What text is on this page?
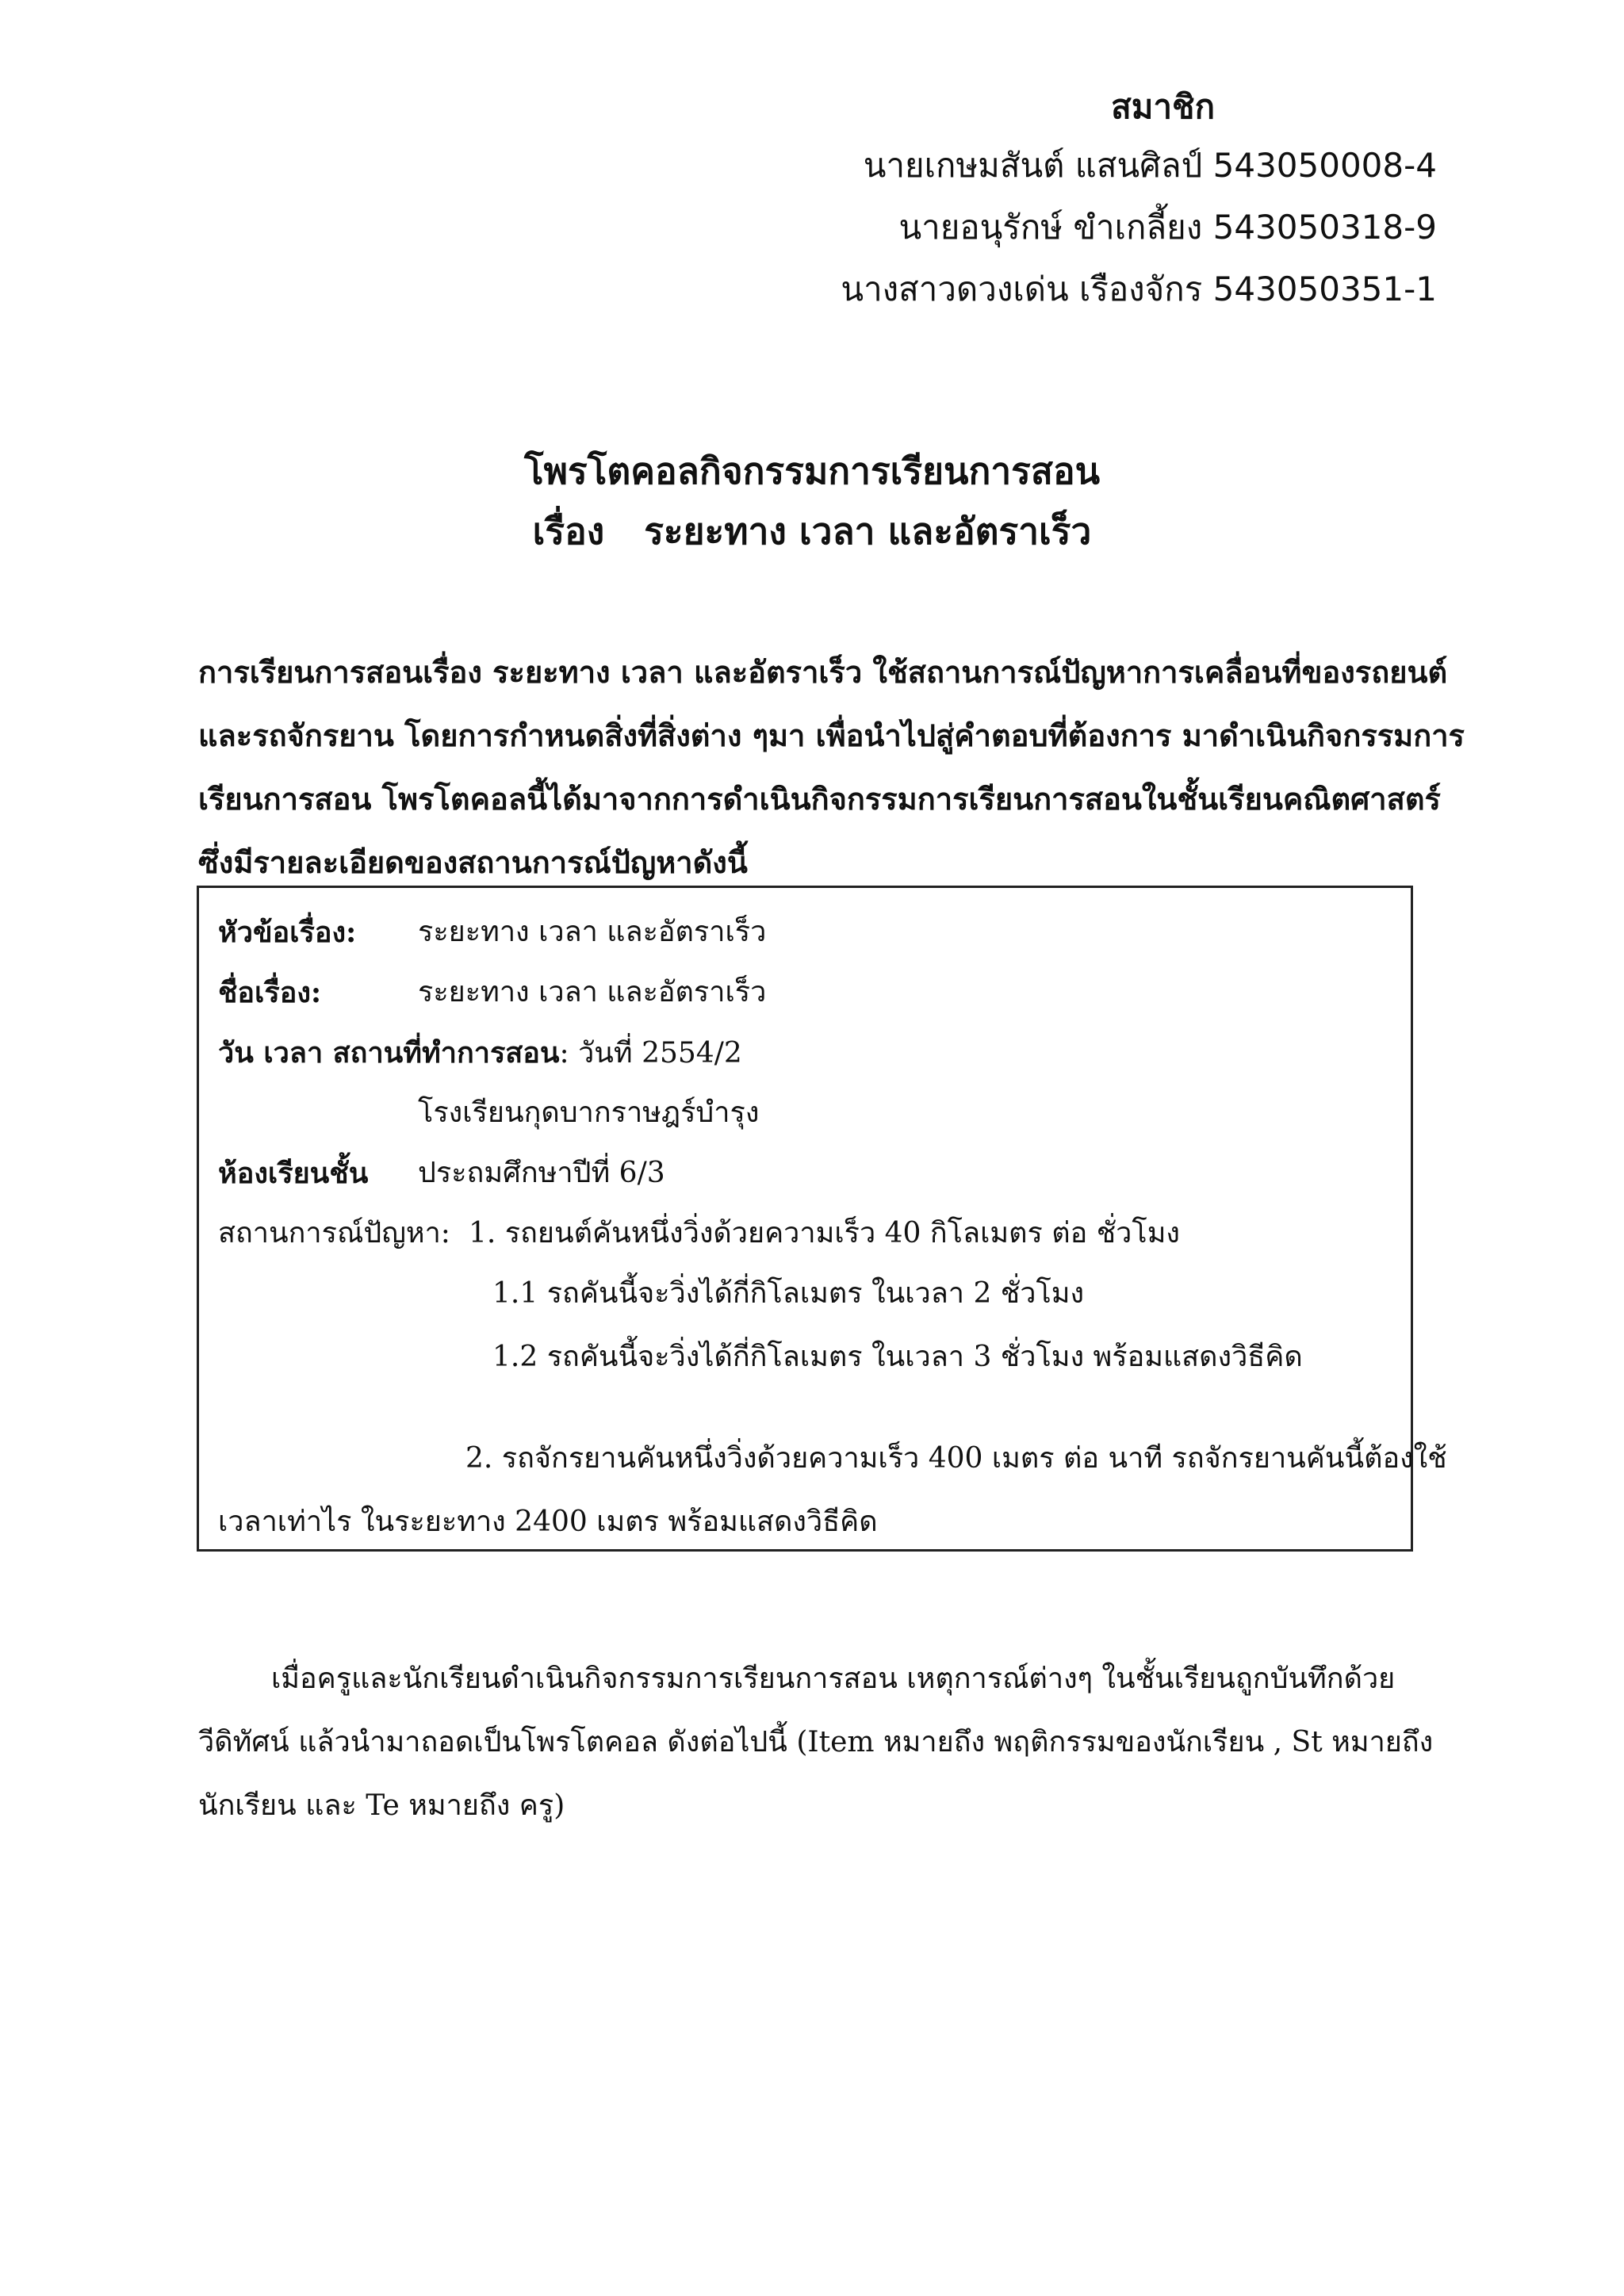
สมาชิก
นายเกษมสันต์ แสนศิลป์ 543050008-4
นายอนุรักษ์ ขำเกลี้ยง 543050318-9
นางสาวดวงเด่น เรืองจักร 543050351-1
โพรโตคอลกิจกรรมการเรียนการสอน
เรื่อง ระยะทาง เวลา และอัตราเร็ว
การเรียนการสอนเรื่อง ระยะทาง เวลา และอัตราเร็ว ใช้สถานการณ์ปัญหาการเคลื่อนที่ของรถยนต์
และรถจักรยาน โดยการกำหนดสิ่งที่สิ่งต่าง ๆมา เพื่อนำไปสู่คำตอบที่ต้องการ มาดำเนินกิจกรรมการ
เรียนการสอน โพรโตคอลนี้ได้มาจากการดำเนินกิจกรรมการเรียนการสอนในชั้นเรียนคณิตศาสตร์
ซึ่งมีรายละเอียดของสถานการณ์ปัญหาดังนี้
หัวข้อเรื่อง: ระยะทาง เวลา และอัตราเร็ว
ชื่อเรื่อง:	ระยะทาง เวลา และอัตราเร็ว
วัน เวลา สถานที่ทำการสอน: วันที่ 2554/2
โรงเรียนกุดบากราษฎร์บำรุง
ห้องเรียนชั้น ประถมศึกษาปีที่ 6/3
สถานการณ์ปัญหา: 1. รถยนต์คันหนึ่งวิ่งด้วยความเร็ว 40 กิโลเมตร ต่อ ชั่วโมง
1.1 รถคันนี้จะวิ่งได้กี่กิโลเมตร ในเวลา 2 ชั่วโมง
1.2 รถคันนี้จะวิ่งได้กี่กิโลเมตร ในเวลา 3 ชั่วโมง พร้อมแสดงวิธีคิด
2. รถจักรยานคันหนึ่งวิ่งด้วยความเร็ว 400 เมตร ต่อ นาที รถจักรยานคันนี้ต้องใช้
เวลาเท่าไร ในระยะทาง 2400 เมตร พร้อมแสดงวิธีคิด
เมื่อครูและนักเรียนดำเนินกิจกรรมการเรียนการสอน เหตุการณ์ต่างๆ ในชั้นเรียนถูกบันทึกด้วย
วีดิทัศน์ แล้วนำมาถอดเป็นโพรโตคอล ดังต่อไปนี้ (Item หมายถึง พฤติกรรมของนักเรียน , St หมายถึง
นักเรียน และ Te หมายถึง ครู)
